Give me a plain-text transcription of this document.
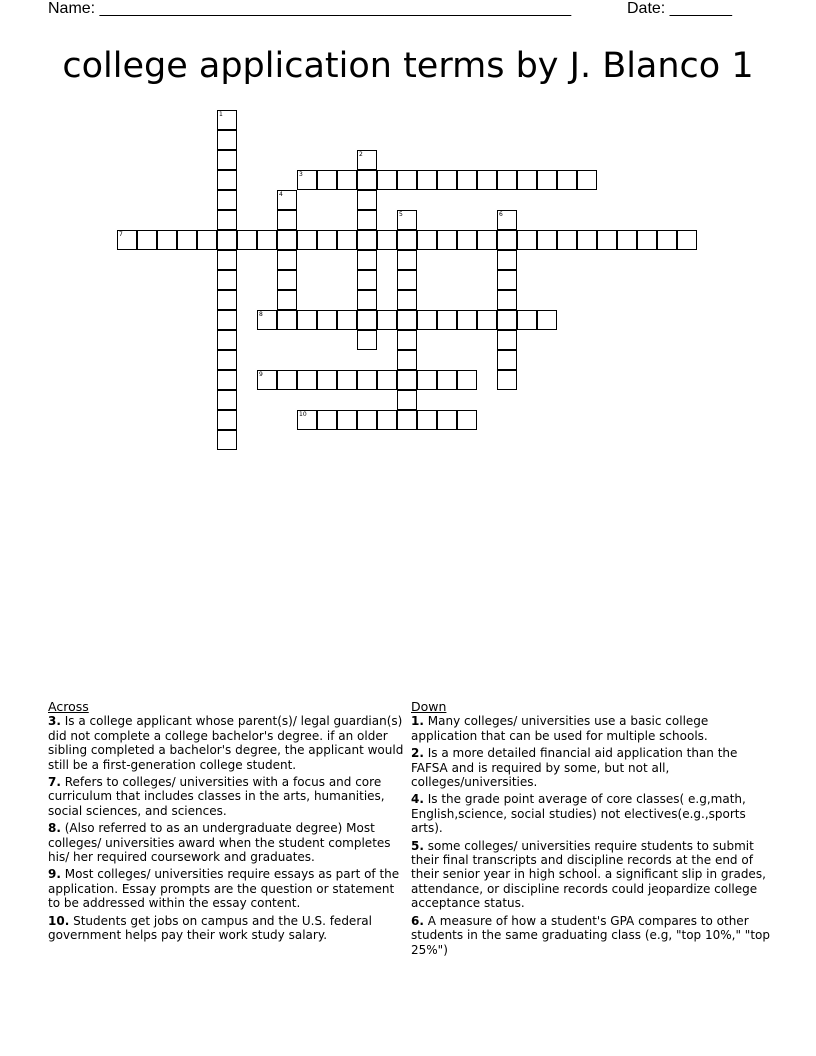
Name: _____________________________________________________	Date: _______
college application terms by J. Blanco 1
1
2
3
4
5	6
7
8
9
10
Across
3. Is a college applicant whose parent(s)/ legal guardian(s) did not complete a college bachelor's degree. if an older sibling completed a bachelor's degree, the applicant would still be a first-generation college student.
7. Refers to colleges/ universities with a focus and core curriculum that includes classes in the arts, humanities, social sciences, and sciences.
8. (Also referred to as an undergraduate degree) Most colleges/ universities award when the student completes his/ her required coursework and graduates.
9. Most colleges/ universities require essays as part of the application. Essay prompts are the question or statement to be addressed within the essay content.
10. Students get jobs on campus and the U.S. federal government helps pay their work study salary.
Down
1. Many colleges/ universities use a basic college application that can be used for multiple schools.
2. Is a more detailed financial aid application than the FAFSA and is required by some, but not all, colleges/universities.
4. Is the grade point average of core classes( e.g,math, English,science, social studies) not electives(e.g.,sports arts).
5. some colleges/ universities require students to submit their final transcripts and discipline records at the end of their senior year in high school. a significant slip in grades, attendance, or discipline records could jeopardize college acceptance status.
6. A measure of how a student's GPA compares to other students in the same graduating class (e.g, "top 10%," "top 25%")
